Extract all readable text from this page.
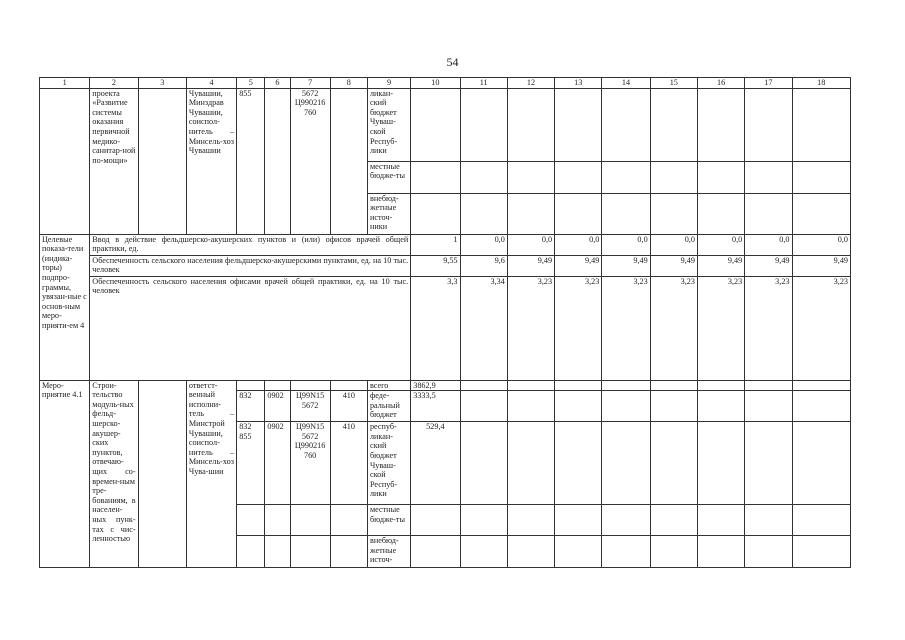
54
1	2	3	4	5	6	7	8	9	10	11	12	13	14	15	16	17	18
	проекта «Развитие системы оказания первичной медико-санитар-ной по-мощи»		Чувашии, Минздрав Чувашии, соиспол-нитель – Минсель-хоз Чувашии	855		5672 Ц990216 760		ликан-ский бюджет Чуваш-ской Респуб-лики									
								местные бюдже-ты									
								внебюд-жетные источ-ники									
Целевые показа-тели (индика-торы) подпро-граммы, увязан-ные с основ-ным меро-прияти-ем 4	Ввод в действие фельдшерско-акушерских пунктов и (или) офисов врачей общей практики, ед.								1	0,0	0,0	0,0	0,0	0,0	0,0	0,0	0,0
	Обеспеченность сельского населения фельдшерско-акушерскими пунктами, ед. на 10 тыс. человек								9,55	9,6	9,49	9,49	9,49	9,49	9,49	9,49	9,49
	Обеспеченность сельского населения офисами врачей общей практики, ед. на 10 тыс. человек								3,3	3,34	3,23	3,23	3,23	3,23	3,23	3,23	3,23
Меро-приятие 4.1	Строи-тельство модуль-ных фельд-шерско-акушер-ских пунктов, отвечаю-щих со-времен-ным тре-бованиям, в населен-ных пунк-тах с чис-ленностью		ответст-венный исполни-тель – Минстрой Чувашии, соиспол-нитель – Минсель-хоз Чува-шии					всего	3862,9								
				832	0902	Ц99N15 5672	410	феде-ральный бюджет	3333,5								
				832 855	0902	Ц99N15 5672 Ц990216 760	410	респуб-ликан-ский бюджет Чуваш-ской Респуб-лики	529,4								
								местные бюдже-ты									
								внебюд-жетные источ-									
